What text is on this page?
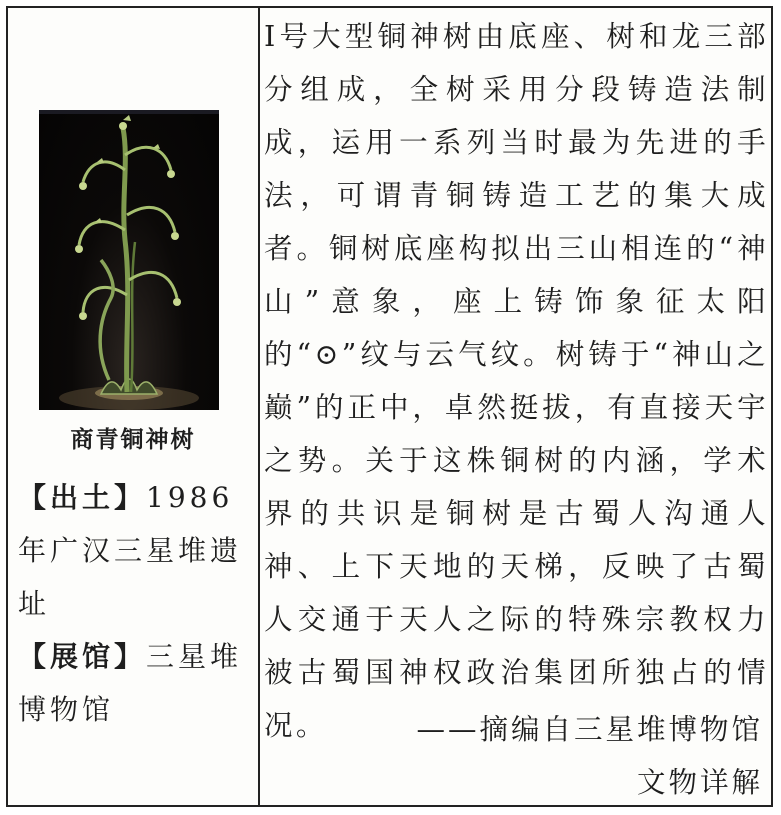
商青铜神树
【出土】1986 年广汉三星堆遗址
【展馆】三星堆博物馆

I号大型铜神树由底座、树和龙三部分组成，全树采用分段铸造法制成，运用一系列当时最为先进的手法，可谓青铜铸造工艺的集大成者。铜树底座构拟出三山相连的“神山”意象，座上铸饰象征太阳的“⊙”纹与云气纹。树铸于“神山之巅”的正中，卓然挺拔，有直接天宇之势。关于这株铜树的内涵，学术界的共识是铜树是古蜀人沟通人神、上下天地的天梯，反映了古蜀人交通于天人之际的特殊宗教权力被古蜀国神权政治集团所独占的情况。	——摘编自三星堆博物馆
文物详解
